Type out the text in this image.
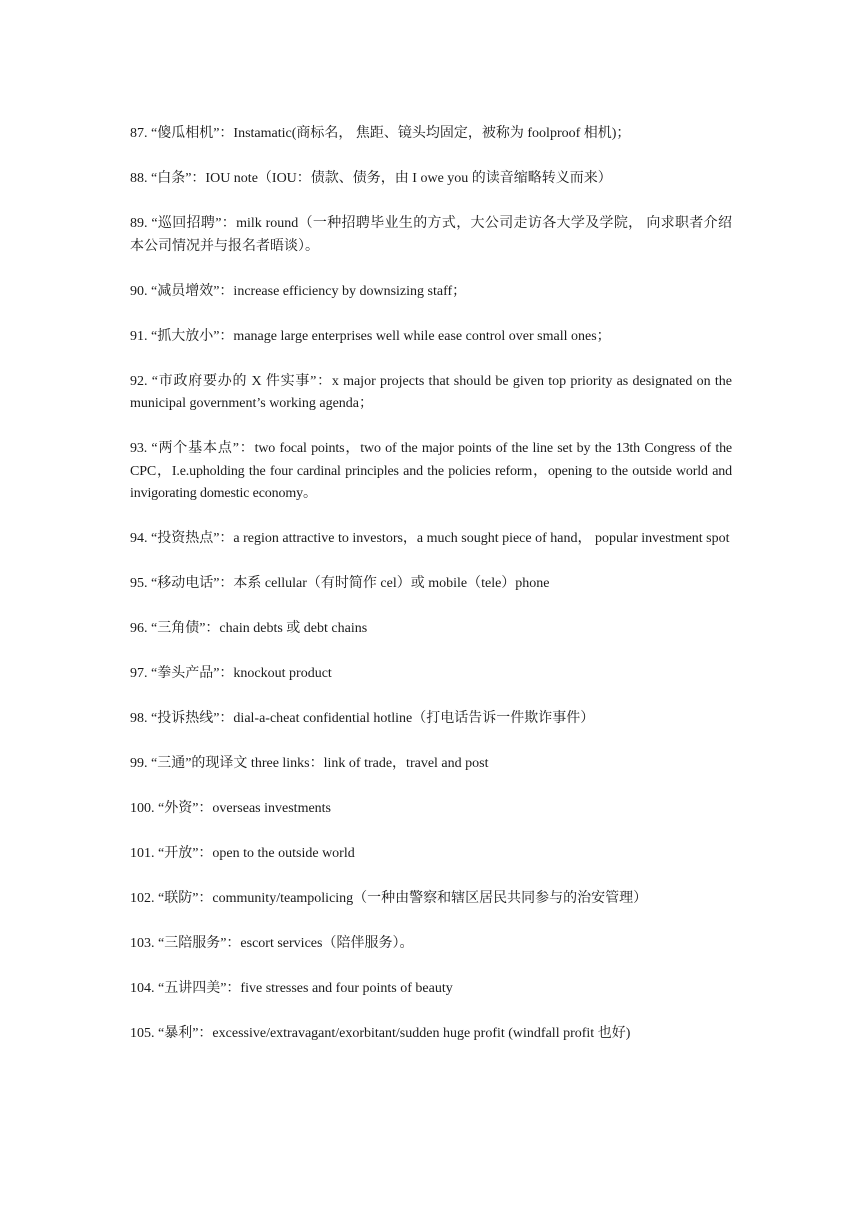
87. “傻瓜相机”：Instamatic(商标名， 焦距、镜头均固定，被称为 foolproof 相机)；

88. “白条”：IOU note（IOU：债款、债务，由 I owe you 的读音缩略转义而来）

89. “巡回招聘”：milk round（一种招聘毕业生的方式，大公司走访各大学及学院， 向求职者介绍本公司情况并与报名者晤谈）。

90. “减员增效”：increase efficiency by downsizing staff；

91. “抓大放小”：manage large enterprises well while ease control over small ones；

92. “市政府要办的 X 件实事”：x major projects that should be given top priority as designated on the municipal government’s working agenda；

93. “两个基本点”：two focal points，two of the major points of the line set by the 13th Congress of the CPC，I.e.upholding the four cardinal principles and the policies reform，opening to the outside world and invigorating domestic economy。

94. “投资热点”：a region attractive to investors，a much sought piece of hand， popular investment spot

95. “移动电话”：本系 cellular（有时简作 cel）或 mobile（tele）phone

96. “三角债”：chain debts 或 debt chains

97. “拳头产品”：knockout product

98. “投诉热线”：dial-a-cheat confidential hotline（打电话告诉一件欺诈事件）

99. “三通”的现译文 three links：link of trade，travel and post

100. “外资”：overseas investments

101. “开放”：open to the outside world

102. “联防”：community/teampolicing（一种由警察和辖区居民共同参与的治安管理）

103. “三陪服务”：escort services（陪伴服务）。

104. “五讲四美”：five stresses and four points of beauty

105. “暴利”：excessive/extravagant/exorbitant/sudden huge profit (windfall profit 也好)
